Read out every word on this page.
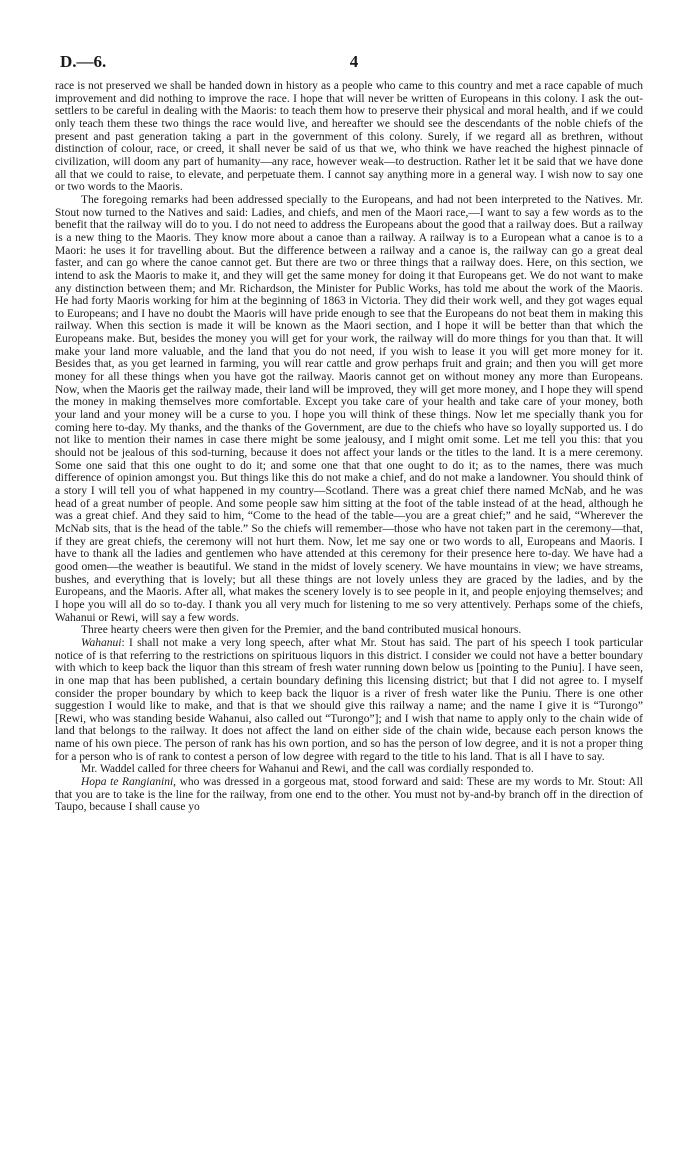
D.—6.	4

race is not preserved we shall be handed down in history as a people who came to this country and met a race capable of much improvement and did nothing to improve the race. I hope that will never be written of Europeans in this colony. I ask the out-settlers to be careful in dealing with the Maoris: to teach them how to preserve their physical and moral health, and if we could only teach them these two things the race would live, and hereafter we should see the descendants of the noble chiefs of the present and past generation taking a part in the government of this colony. Surely, if we regard all as brethren, without distinction of colour, race, or creed, it shall never be said of us that we, who think we have reached the highest pinnacle of civilization, will doom any part of humanity—any race, however weak—to destruction. Rather let it be said that we have done all that we could to raise, to elevate, and perpetuate them. I cannot say anything more in a general way. I wish now to say one or two words to the Maoris.

The foregoing remarks had been addressed specially to the Europeans, and had not been interpreted to the Natives. Mr. Stout now turned to the Natives and said: Ladies, and chiefs, and men of the Maori race,—I want to say a few words as to the benefit that the railway will do to you. I do not need to address the Europeans about the good that a railway does. But a railway is a new thing to the Maoris. They know more about a canoe than a railway. A railway is to a European what a canoe is to a Maori: he uses it for travelling about. But the difference between a railway and a canoe is, the railway can go a great deal faster, and can go where the canoe cannot get. But there are two or three things that a railway does. Here, on this section, we intend to ask the Maoris to make it, and they will get the same money for doing it that Europeans get. We do not want to make any distinction between them; and Mr. Richardson, the Minister for Public Works, has told me about the work of the Maoris. He had forty Maoris working for him at the beginning of 1863 in Victoria. They did their work well, and they got wages equal to Europeans; and I have no doubt the Maoris will have pride enough to see that the Europeans do not beat them in making this railway. When this section is made it will be known as the Maori section, and I hope it will be better than that which the Europeans make. But, besides the money you will get for your work, the railway will do more things for you than that. It will make your land more valuable, and the land that you do not need, if you wish to lease it you will get more money for it. Besides that, as you get learned in farming, you will rear cattle and grow perhaps fruit and grain; and then you will get more money for all these things when you have got the railway. Maoris cannot get on without money any more than Europeans. Now, when the Maoris get the railway made, their land will be improved, they will get more money, and I hope they will spend the money in making themselves more comfortable. Except you take care of your health and take care of your money, both your land and your money will be a curse to you. I hope you will think of these things. Now let me specially thank you for coming here to-day. My thanks, and the thanks of the Government, are due to the chiefs who have so loyally supported us. I do not like to mention their names in case there might be some jealousy, and I might omit some. Let me tell you this: that you should not be jealous of this sod-turning, because it does not affect your lands or the titles to the land. It is a mere ceremony. Some one said that this one ought to do it; and some one that that one ought to do it; as to the names, there was much difference of opinion amongst you. But things like this do not make a chief, and do not make a landowner. You should think of a story I will tell you of what happened in my country—Scotland. There was a great chief there named McNab, and he was head of a great number of people. And some people saw him sitting at the foot of the table instead of at the head, although he was a great chief. And they said to him, “Come to the head of the table—you are a great chief;” and he said, “Wherever the McNab sits, that is the head of the table.” So the chiefs will remember—those who have not taken part in the ceremony—that, if they are great chiefs, the ceremony will not hurt them. Now, let me say one or two words to all, Europeans and Maoris. I have to thank all the ladies and gentlemen who have attended at this ceremony for their presence here to-day. We have had a good omen—the weather is beautiful. We stand in the midst of lovely scenery. We have mountains in view; we have streams, bushes, and everything that is lovely; but all these things are not lovely unless they are graced by the ladies, and by the Europeans, and the Maoris. After all, what makes the scenery lovely is to see people in it, and people enjoying themselves; and I hope you will all do so to-day. I thank you all very much for listening to me so very attentively. Perhaps some of the chiefs, Wahanui or Rewi, will say a few words.

Three hearty cheers were then given for the Premier, and the band contributed musical honours.

Wahanui: I shall not make a very long speech, after what Mr. Stout has said. The part of his speech I took particular notice of is that referring to the restrictions on spirituous liquors in this district. I consider we could not have a better boundary with which to keep back the liquor than this stream of fresh water running down below us [pointing to the Puniu]. I have seen, in one map that has been published, a certain boundary defining this licensing district; but that I did not agree to. I myself consider the proper boundary by which to keep back the liquor is a river of fresh water like the Puniu. There is one other suggestion I would like to make, and that is that we should give this railway a name; and the name I give it is “Turongo” [Rewi, who was standing beside Wahanui, also called out “Turongo”]; and I wish that name to apply only to the chain wide of land that belongs to the railway. It does not affect the land on either side of the chain wide, because each person knows the name of his own piece. The person of rank has his own portion, and so has the person of low degree, and it is not a proper thing for a person who is of rank to contest a person of low degree with regard to the title to his land. That is all I have to say.

Mr. Waddel called for three cheers for Wahanui and Rewi, and the call was cordially responded to.

Hopa te Rangianini, who was dressed in a gorgeous mat, stood forward and said: These are my words to Mr. Stout: All that you are to take is the line for the railway, from one end to the other. You must not by-and-by branch off in the direction of Taupo, because I shall cause yo
